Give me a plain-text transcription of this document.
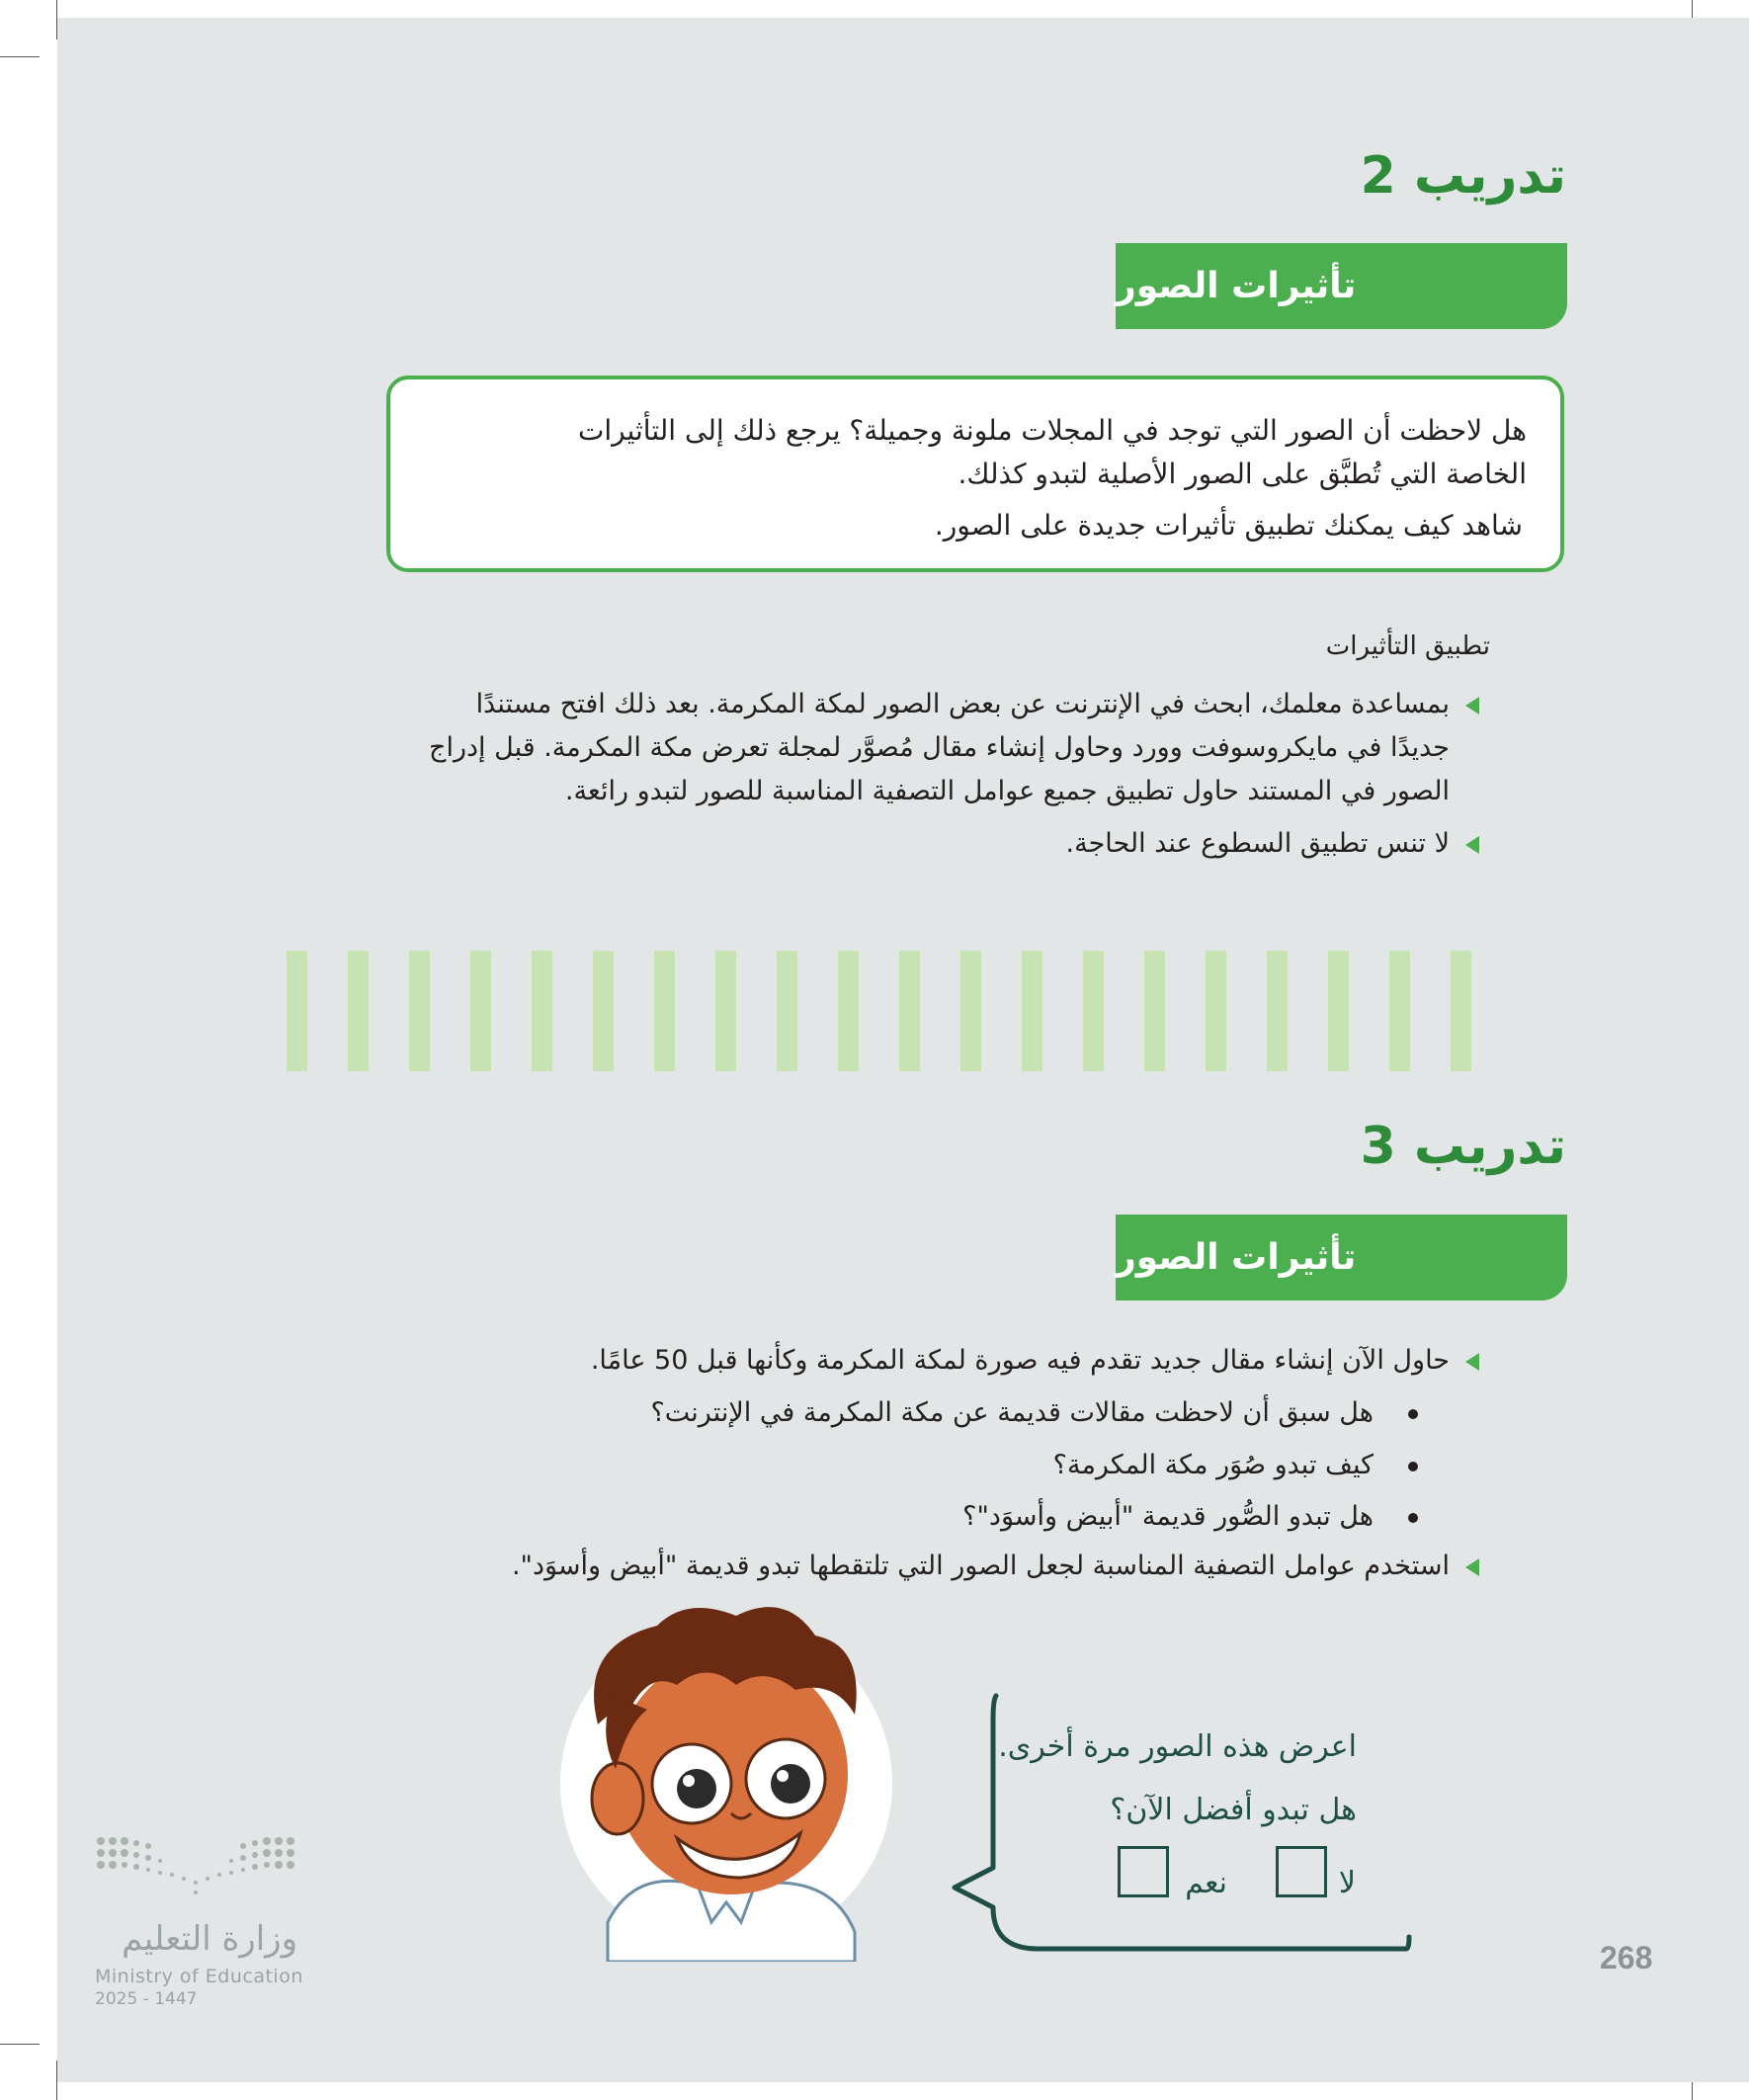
تدريب 2
تأثيرات الصور

هل لاحظت أن الصور التي توجد في المجلات ملونة وجميلة؟ يرجع ذلك إلى التأثيرات

الخاصة التي تُطبَّق على الصور الأصلية لتبدو كذلك.

شاهد كيف يمكنك تطبيق تأثيرات جديدة على الصور.

تطبيق التأثيرات
بمساعدة معلمك، ابحث في الإنترنت عن بعض الصور لمكة المكرمة. بعد ذلك افتح مستندًا
جديدًا في مايكروسوفت وورد وحاول إنشاء مقال مُصوَّر لمجلة تعرض مكة المكرمة. قبل إدراج
الصور في المستند حاول تطبيق جميع عوامل التصفية المناسبة للصور لتبدو رائعة.
لا تنس تطبيق السطوع عند الحاجة.
تدريب 3
تأثيرات الصور
حاول الآن إنشاء مقال جديد تقدم فيه صورة لمكة المكرمة وكأنها قبل 50 عامًا.
هل سبق أن لاحظت مقالات قديمة عن مكة المكرمة في الإنترنت؟
كيف تبدو صُوَر مكة المكرمة؟
هل تبدو الصُّور قديمة "أبيض وأسوَد"؟
استخدم عوامل التصفية المناسبة لجعل الصور التي تلتقطها تبدو قديمة "أبيض وأسوَد".
اعرض هذه الصور مرة أخرى.
هل تبدو أفضل الآن؟
لا
نعم
وزارة التعليم
Ministry of Education
2025 - 1447
268
